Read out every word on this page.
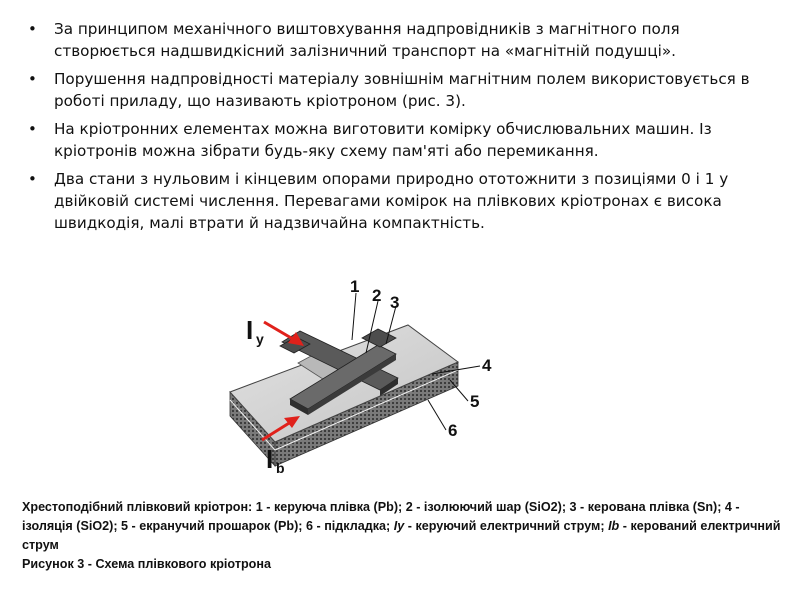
• За принципом механічного виштовхування надпровідників з магнітного поля створюється надшвидкісний залізничний транспорт на «магнітній подушці».
• Порушення надпровідності матеріалу зовнішнім магнітним полем використовується в роботі приладу, що називають кріотроном (рис. 3).
• На кріотронних елементах можна виготовити комірку обчислювальних машин. Із кріотронів можна зібрати будь-яку схему пам'яті або перемикання.
• Два стани з нульовим і кінцевим опорами природно ототожнити з позиціями 0 і 1 у двійковій системі числення. Перевагами комірок на плівкових кріотронах є висока швидкодія, малі втрати й надзвичайна компактність.
1 2 3
4
5
6
I y
I b
Хрестоподібний плівковий кріотрон: 1 - керуюча плівка (Pb); 2 - ізолюючий шар (SiO2); 3 - керована плівка (Sn); 4 - ізоляція (SiO2); 5 - екранучий прошарок (Pb); 6 - підкладка; Iy - керуючий електричний струм; Ib - керований електричний струм
Рисунок 3 - Схема плівкового кріотрона
